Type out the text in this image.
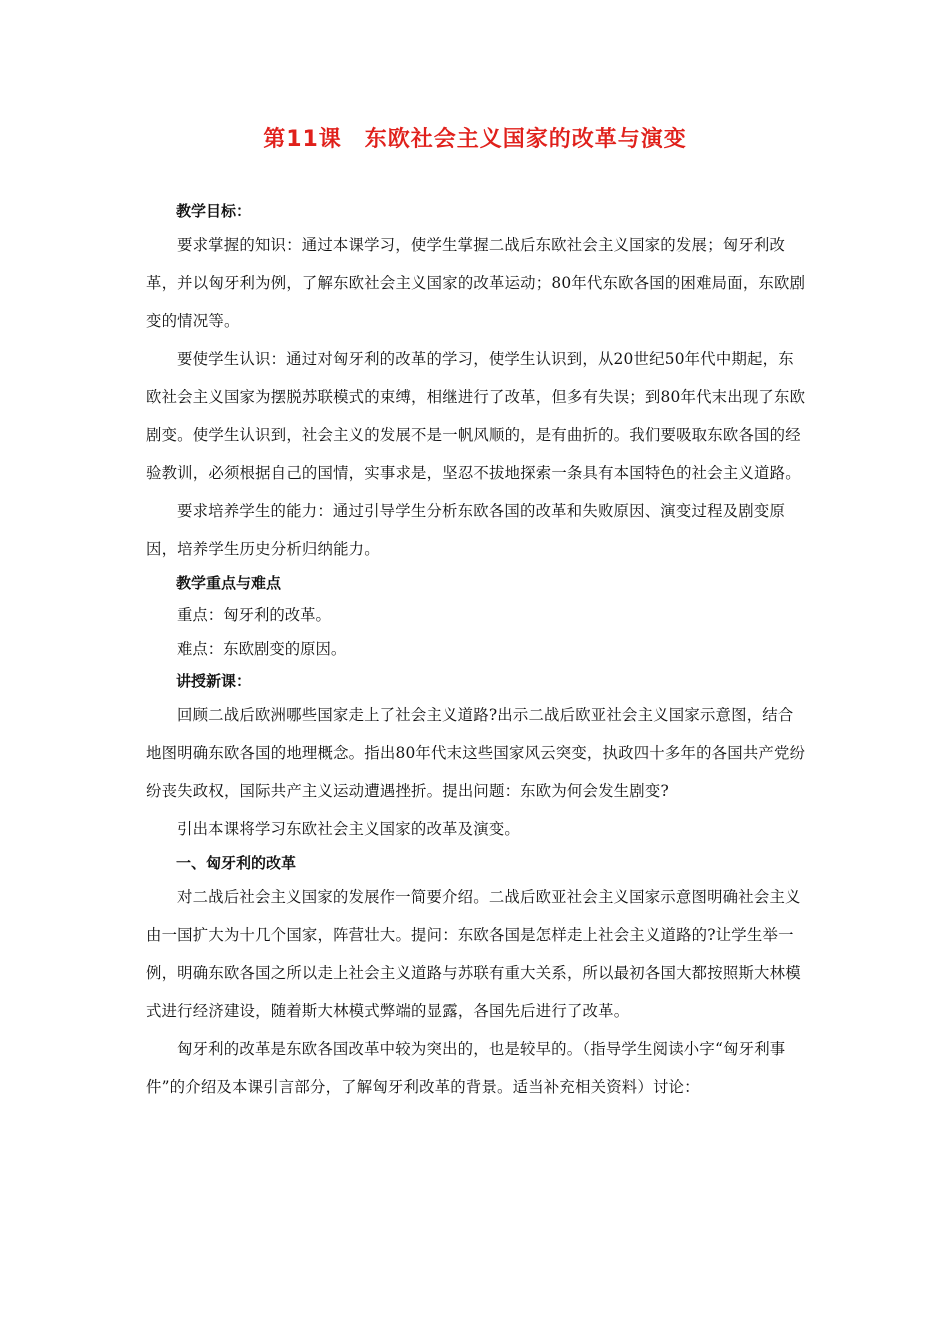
第11课　东欧社会主义国家的改革与演变
教学目标：
要求掌握的知识：通过本课学习，使学生掌握二战后东欧社会主义国家的发展；匈牙利改革，并以匈牙利为例，了解东欧社会主义国家的改革运动；80年代东欧各国的困难局面，东欧剧变的情况等。
要使学生认识：通过对匈牙利的改革的学习，使学生认识到，从20世纪50年代中期起，东欧社会主义国家为摆脱苏联模式的束缚，相继进行了改革，但多有失误；到80年代末出现了东欧剧变。使学生认识到，社会主义的发展不是一帆风顺的，是有曲折的。我们要吸取东欧各国的经验教训，必须根据自己的国情，实事求是，坚忍不拔地探索一条具有本国特色的社会主义道路。
要求培养学生的能力：通过引导学生分析东欧各国的改革和失败原因、演变过程及剧变原因，培养学生历史分析归纳能力。
教学重点与难点
重点：匈牙利的改革。
难点：东欧剧变的原因。
讲授新课：
回顾二战后欧洲哪些国家走上了社会主义道路?出示二战后欧亚社会主义国家示意图，结合地图明确东欧各国的地理概念。指出80年代末这些国家风云突变，执政四十多年的各国共产党纷纷丧失政权，国际共产主义运动遭遇挫折。提出问题：东欧为何会发生剧变?
引出本课将学习东欧社会主义国家的改革及演变。
一、匈牙利的改革
对二战后社会主义国家的发展作一简要介绍。二战后欧亚社会主义国家示意图明确社会主义由一国扩大为十几个国家，阵营壮大。提问：东欧各国是怎样走上社会主义道路的?让学生举一例，明确东欧各国之所以走上社会主义道路与苏联有重大关系，所以最初各国大都按照斯大林模式进行经济建设，随着斯大林模式弊端的显露，各国先后进行了改革。
匈牙利的改革是东欧各国改革中较为突出的，也是较早的。（指导学生阅读小字“匈牙利事件”的介绍及本课引言部分，了解匈牙利改革的背景。适当补充相关资料）讨论：
